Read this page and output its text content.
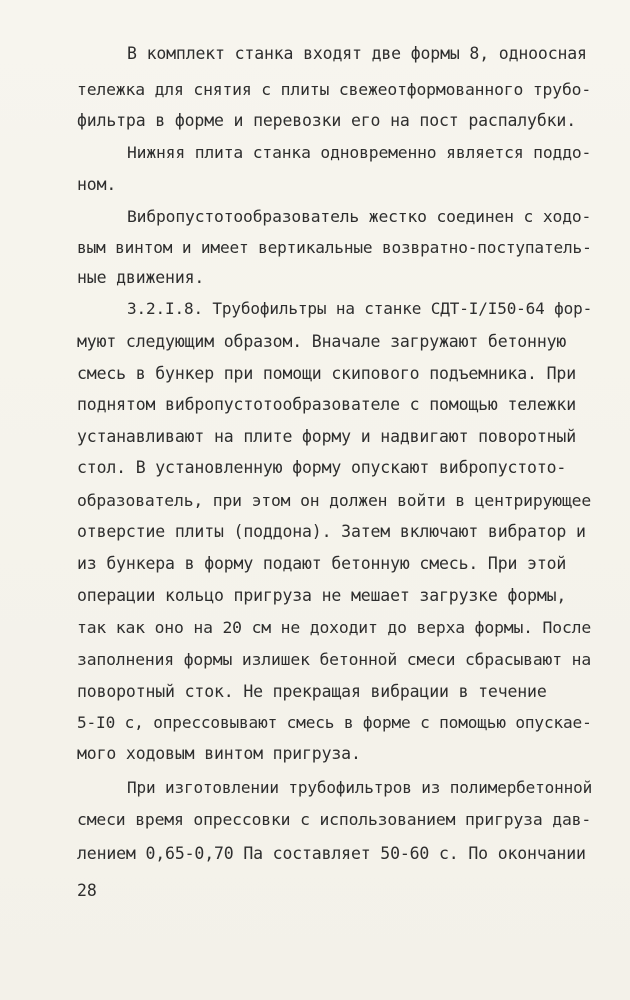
В комплект станка входят две формы 8, одноосная
тележка для снятия с плиты свежеотформованного трубо-
фильтра в форме и перевозки его на пост распалубки.
Нижняя плита станка одновременно является поддо-
ном.
Вибропустотообразователь жестко соединен с ходо-
вым винтом и имеет вертикальные возвратно-поступатель-
ные движения.
3.2.I.8. Трубофильтры на станке СДТ-I/I50-64 фор-
муют следующим образом. Вначале загружают бетонную
смесь в бункер при помощи скипового подъемника. При
поднятом вибропустотообразователе с помощью тележки
устанавливают на плите форму и надвигают поворотный
стол. В установленную форму опускают вибропустото-
образователь, при этом он должен войти в центрирующее
отверстие плиты (поддона). Затем включают вибратор и
из бункера в форму подают бетонную смесь. При этой
операции кольцо пригруза не мешает загрузке формы,
так как оно на 20 см не доходит до верха формы. После
заполнения формы излишек бетонной смеси сбрасывают на
поворотный сток. Не прекращая вибрации в течение
5-I0 с, опрессовывают смесь в форме с помощью опускае-
мого ходовым винтом пригруза.
При изготовлении трубофильтров из полимербетонной
смеси время опрессовки с использованием пригруза дав-
лением 0,65-0,70 Па составляет 50-60 с. По окончании
28
